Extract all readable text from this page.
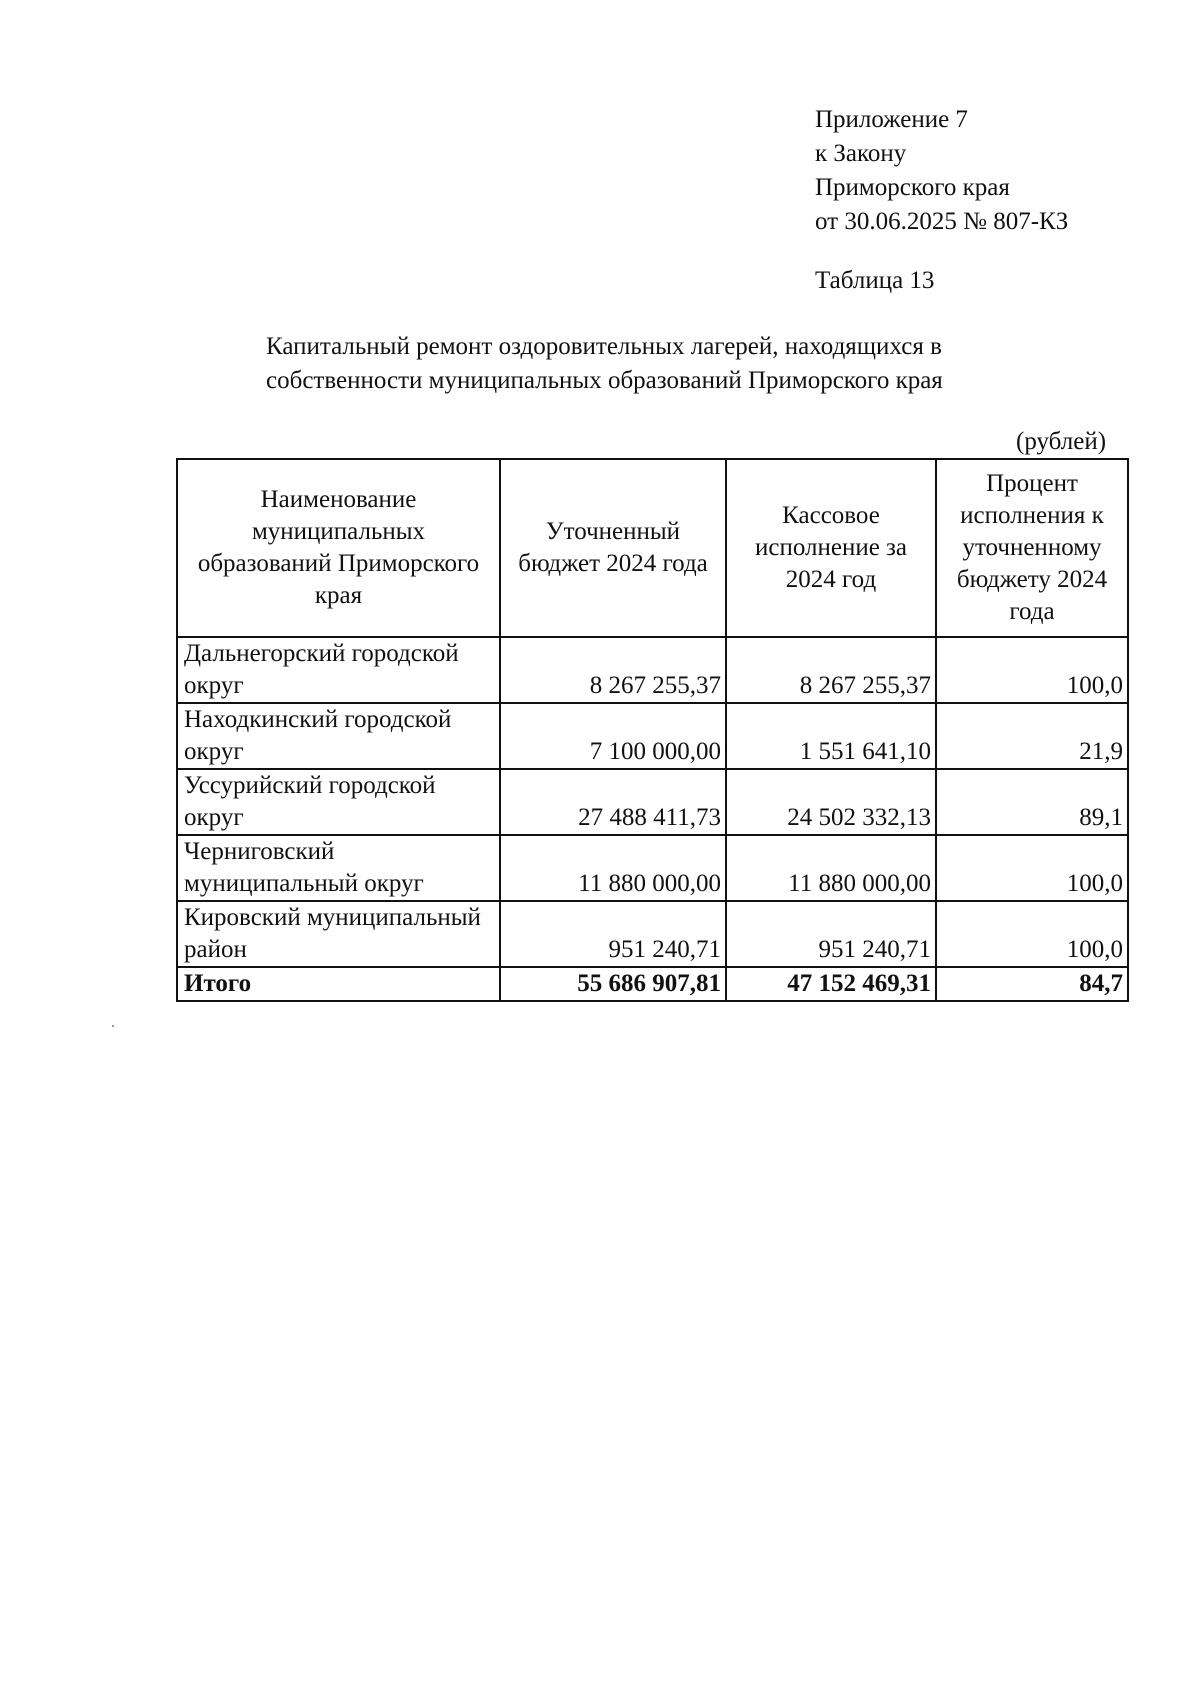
Приложение 7
к Закону
Приморского края
от 30.06.2025 № 807-КЗ
Таблица 13
Капитальный ремонт оздоровительных лагерей, находящихся в
собственности муниципальных образований Приморского края
(рублей)
Наименование муниципальных образований Приморского края	Уточненный бюджет 2024 года	Кассовое исполнение за 2024 год	Процент исполнения к уточненному бюджету 2024 года
Дальнегорский городской округ	8 267 255,37	8 267 255,37	100,0
Находкинский городской округ	7 100 000,00	1 551 641,10	21,9
Уссурийский городской округ	27 488 411,73	24 502 332,13	89,1
Черниговский муниципальный округ	11 880 000,00	11 880 000,00	100,0
Кировский муниципальный район	951 240,71	951 240,71	100,0
Итого	55 686 907,81	47 152 469,31	84,7
